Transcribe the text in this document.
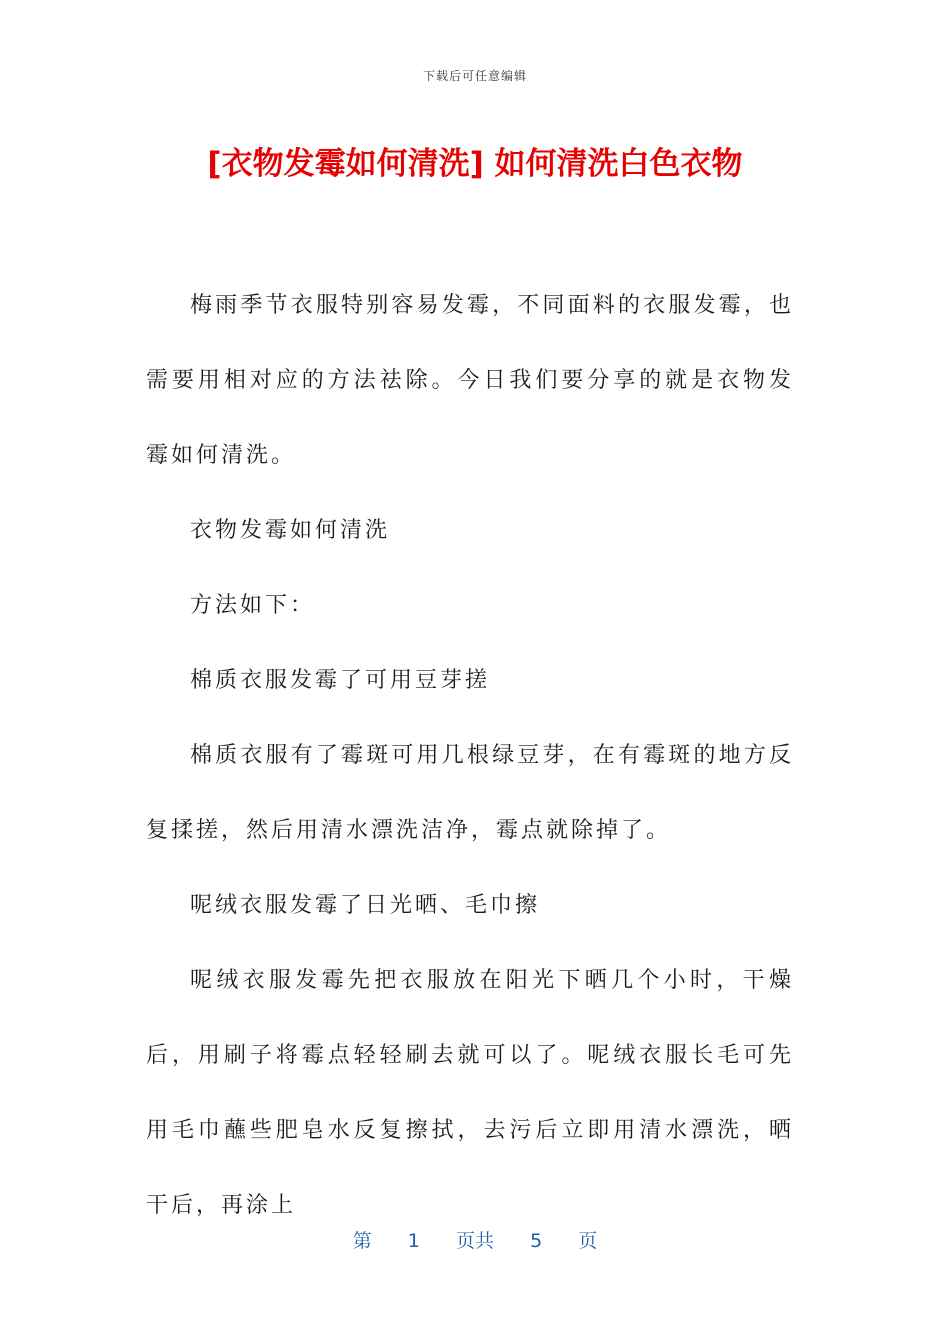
下载后可任意编辑
[衣物发霉如何清洗] 如何清洗白色衣物

梅雨季节衣服特别容易发霉，不同面料的衣服发霉，也需要用相对应的方法祛除。今日我们要分享的就是衣物发霉如何清洗。

衣物发霉如何清洗

方法如下：

棉质衣服发霉了可用豆芽搓

棉质衣服有了霉斑可用几根绿豆芽，在有霉斑的地方反复揉搓，然后用清水漂洗洁净，霉点就除掉了。

呢绒衣服发霉了日光晒、毛巾擦

呢绒衣服发霉先把衣服放在阳光下晒几个小时，干燥后，用刷子将霉点轻轻刷去就可以了。呢绒衣服长毛可先用毛巾蘸些肥皂水反复擦拭，去污后立即用清水漂洗，晒干后，再涂上

第 1 页共 5 页
